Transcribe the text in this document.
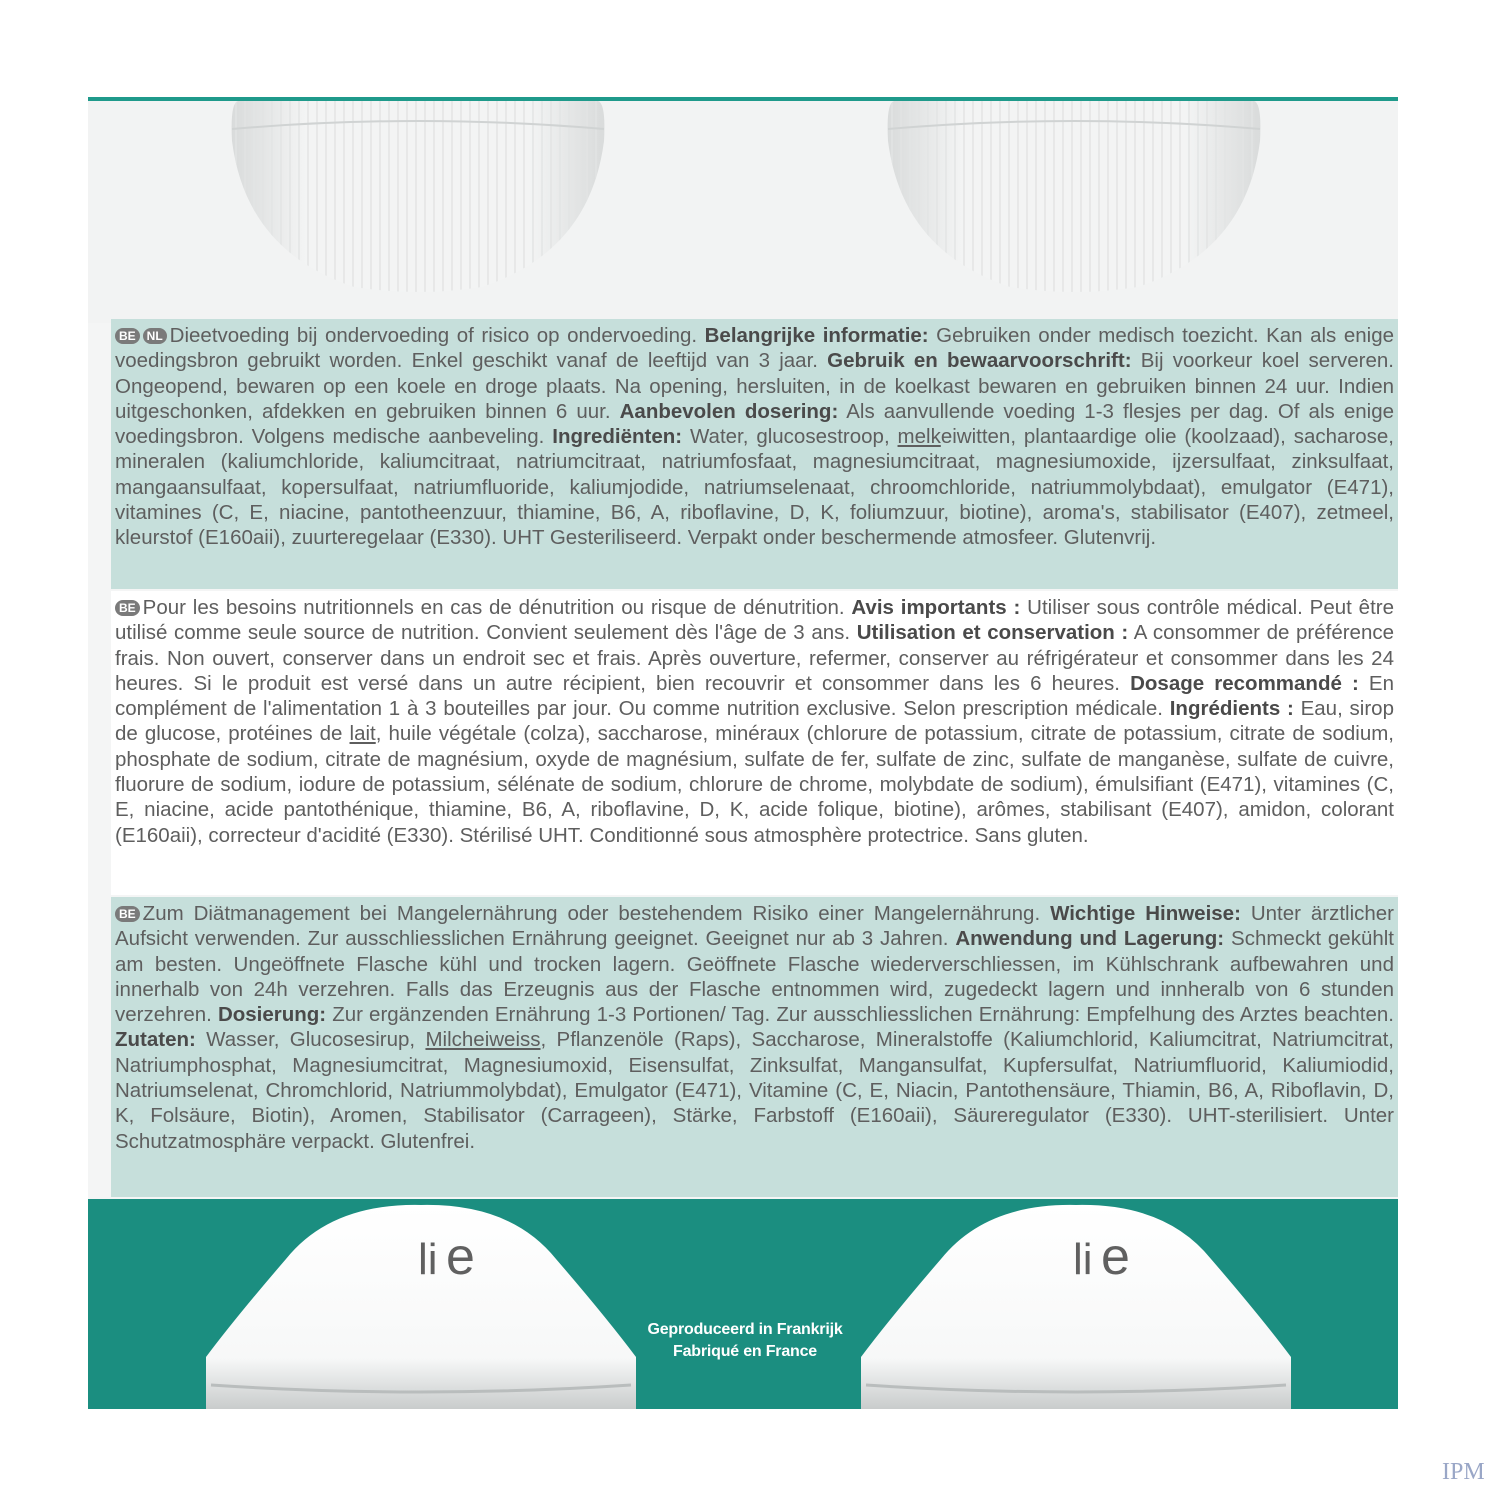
BE NL Dieetvoeding bij ondervoeding of risico op ondervoeding. Belangrijke informatie: Gebruiken onder medisch toezicht. Kan als enige voedingsbron gebruikt worden. Enkel geschikt vanaf de leeftijd van 3 jaar. Gebruik en bewaarvoorschrift: Bij voorkeur koel serveren. Ongeopend, bewaren op een koele en droge plaats. Na opening, hersluiten, in de koelkast bewaren en gebruiken binnen 24 uur. Indien uitgeschonken, afdekken en gebruiken binnen 6 uur. Aanbevolen dosering: Als aanvullende voeding 1-3 flesjes per dag. Of als enige voedingsbron. Volgens medische aanbeveling. Ingrediënten: Water, glucosestroop, melkeiwitten, plantaardige olie (koolzaad), sacharose, mineralen (kaliumchloride, kaliumcitraat, natriumcitraat, natriumfosfaat, magnesiumcitraat, magnesiumoxide, ijzersulfaat, zinksulfaat, mangaansulfaat, kopersulfaat, natriumfluoride, kaliumjodide, natriumselenaat, chroomchloride, natriummolybdaat), emulgator (E471), vitamines (C, E, niacine, pantotheenzuur, thiamine, B6, A, riboflavine, D, K, foliumzuur, biotine), aroma's, stabilisator (E407), zetmeel, kleurstof (E160aii), zuurteregelaar (E330). UHT Gesteriliseerd. Verpakt onder beschermende atmosfeer. Glutenvrij.
BE Pour les besoins nutritionnels en cas de dénutrition ou risque de dénutrition. Avis importants : Utiliser sous contrôle médical. Peut être utilisé comme seule source de nutrition. Convient seulement dès l'âge de 3 ans. Utilisation et conservation : A consommer de préférence frais. Non ouvert, conserver dans un endroit sec et frais. Après ouverture, refermer, conserver au réfrigérateur et consommer dans les 24 heures. Si le produit est versé dans un autre récipient, bien recouvrir et consommer dans les 6 heures. Dosage recommandé : En complément de l'alimentation 1 à 3 bouteilles par jour. Ou comme nutrition exclusive. Selon prescription médicale. Ingrédients : Eau, sirop de glucose, protéines de lait, huile végétale (colza), saccharose, minéraux (chlorure de potassium, citrate de potassium, citrate de sodium, phosphate de sodium, citrate de magnésium, oxyde de magnésium, sulfate de fer, sulfate de zinc, sulfate de manganèse, sulfate de cuivre, fluorure de sodium, iodure de potassium, sélénate de sodium, chlorure de chrome, molybdate de sodium), émulsifiant (E471), vitamines (C, E, niacine, acide pantothénique, thiamine, B6, A, riboflavine, D, K, acide folique, biotine), arômes, stabilisant (E407), amidon, colorant (E160aii), correcteur d'acidité (E330). Stérilisé UHT. Conditionné sous atmosphère protectrice. Sans gluten.
BE Zum Diätmanagement bei Mangelernährung oder bestehendem Risiko einer Mangelernährung. Wichtige Hinweise: Unter ärztlicher Aufsicht verwenden. Zur ausschliesslichen Ernährung geeignet. Geeignet nur ab 3 Jahren. Anwendung und Lagerung: Schmeckt gekühlt am besten. Ungeöffnete Flasche kühl und trocken lagern. Geöffnete Flasche wiederverschliessen, im Kühlschrank aufbewahren und innerhalb von 24h verzehren. Falls das Erzeugnis aus der Flasche entnommen wird, zugedeckt lagern und innheralb von 6 stunden verzehren. Dosierung: Zur ergänzenden Ernährung 1-3 Portionen/ Tag. Zur ausschliesslichen Ernährung: Empfelhung des Arztes beachten. Zutaten: Wasser, Glucosesirup, Milcheiweiss, Pflanzenöle (Raps), Saccharose, Mineralstoffe (Kaliumchlorid, Kaliumcitrat, Natriumcitrat, Natriumphosphat, Magnesiumcitrat, Magnesiumoxid, Eisensulfat, Zinksulfat, Mangansulfat, Kupfersulfat, Natriumfluorid, Kaliumiodid, Natriumselenat, Chromchlorid, Natriummolybdat), Emulgator (E471), Vitamine (C, E, Niacin, Pantothensäure, Thiamin, B6, A, Riboflavin, D, K, Folsäure, Biotin), Aromen, Stabilisator (Carrageen), Stärke, Farbstoff (E160aii), Säureregulator (E330). UHT-sterilisiert. Unter Schutzatmosphäre verpackt. Glutenfrei.
li e	li e
Geproduceerd in Frankrijk
Fabriqué en France
IPM
